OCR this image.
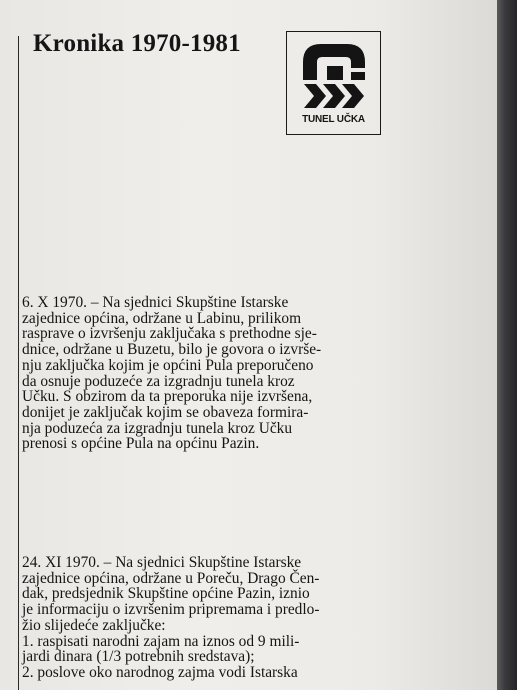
Kronika 1970-1981
TUNEL UČKA
6. X 1970. – Na sjednici Skupštine Istarske
zajednice općina, održane u Labinu, prilikom
rasprave o izvršenju zaključaka s prethodne sje-
dnice, održane u Buzetu, bilo je govora o izvrše-
nju zaključka kojim je općini Pula preporučeno
da osnuje poduzeće za izgradnju tunela kroz
Učku. S obzirom da ta preporuka nije izvršena,
donijet je zaključak kojim se obaveza formira-
nja poduzeća za izgradnju tunela kroz Učku
prenosi s općine Pula na općinu Pazin.
24. XI 1970. – Na sjednici Skupštine Istarske
zajednice općina, održane u Poreču, Drago Čen-
dak, predsjednik Skupštine općine Pazin, iznio
je informaciju o izvršenim pripremama i predlo-
žio slijedeće zaključke:
1. raspisati narodni zajam na iznos od 9 mili-
jardi dinara (1/3 potrebnih sredstava);
2. poslove oko narodnog zajma vodi Istarska
